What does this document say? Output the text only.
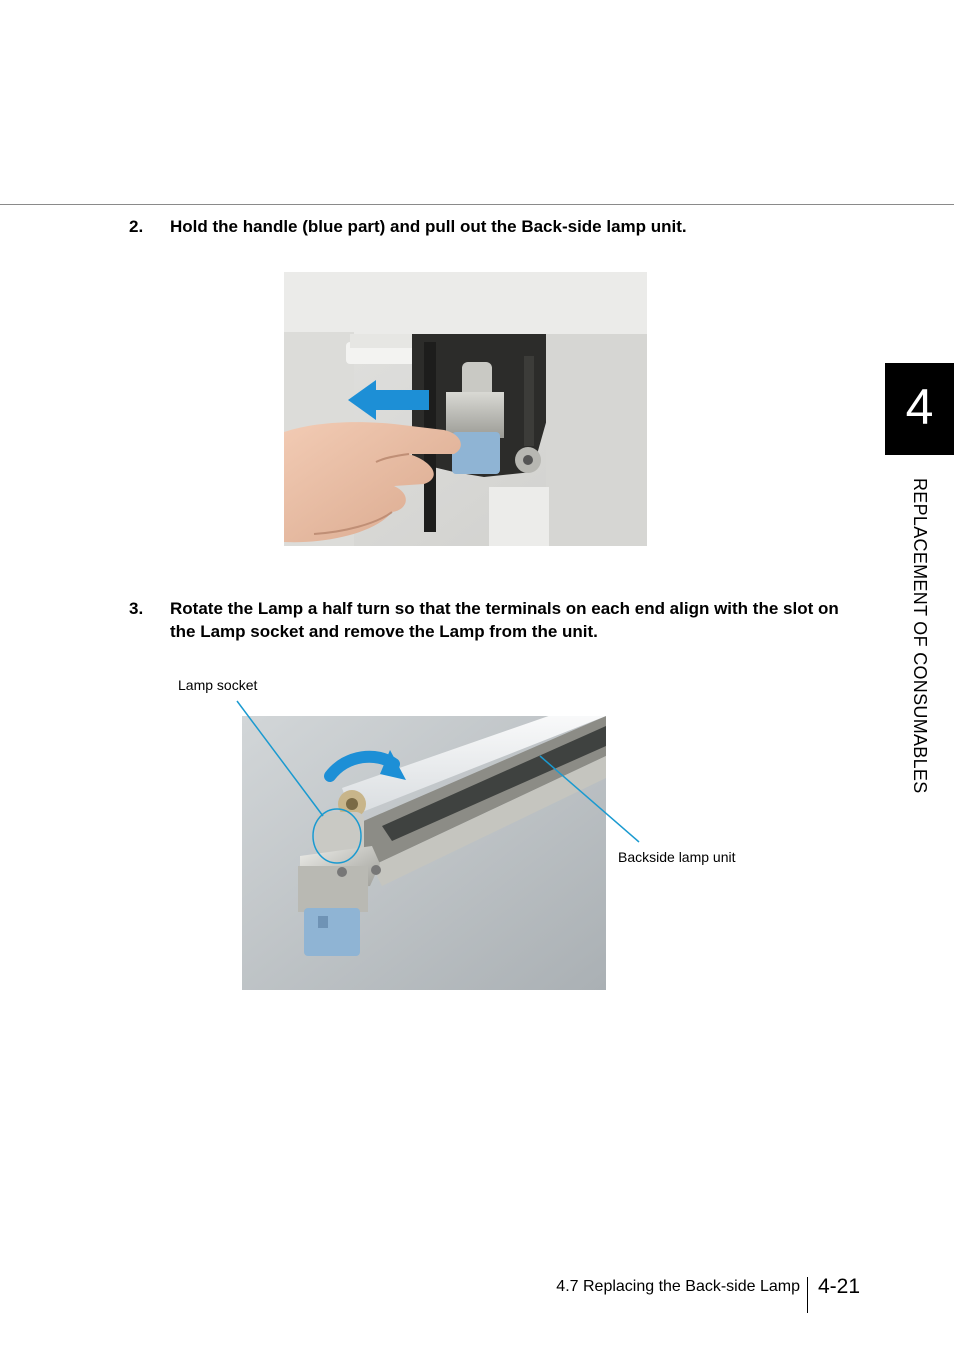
2. Hold the handle (blue part) and pull out the Back-side lamp unit.
3. Rotate the Lamp a half turn so that the terminals on each end align with the slot on the Lamp socket and remove the Lamp from the unit.
Lamp socket
Backside lamp unit
4
REPLACEMENT OF CONSUMABLES
4.7 Replacing the Back-side Lamp 4-21
